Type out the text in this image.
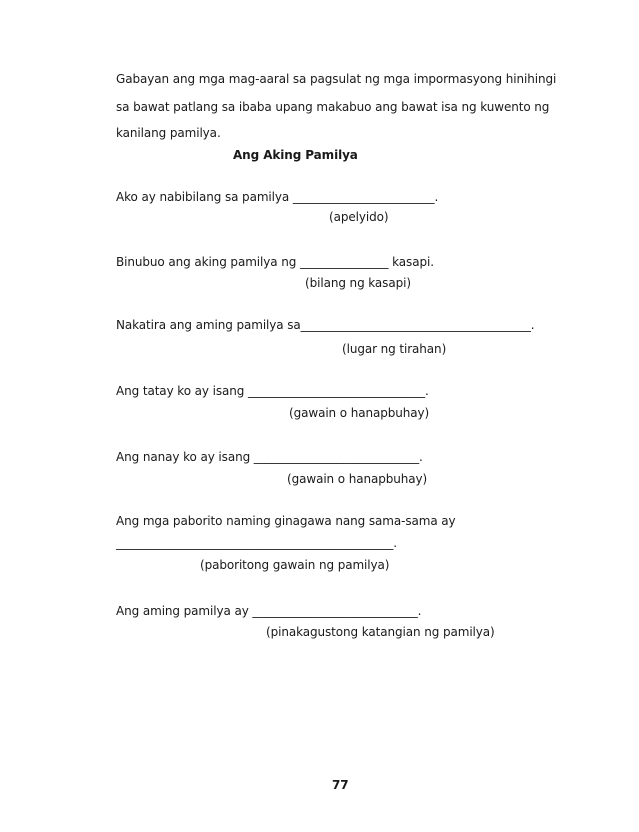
Gabayan ang mga mag-aaral sa pagsulat ng mga impormasyong hinihingi
sa bawat patlang sa ibaba upang makabuo ang bawat isa ng kuwento ng
kanilang pamilya.
Ang Aking Pamilya
Ako ay nabibilang sa pamilya ________________________.
(apelyido)
Binubuo ang aking pamilya ng _______________ kasapi.
(bilang ng kasapi)
Nakatira ang aming pamilya sa_______________________________________.
(lugar ng tirahan)
Ang tatay ko ay isang ______________________________.
(gawain o hanapbuhay)
Ang nanay ko ay isang ____________________________.
(gawain o hanapbuhay)
Ang mga paborito naming ginagawa nang sama-sama ay
_______________________________________________.
(paboritong gawain ng pamilya)
Ang aming pamilya ay ____________________________.
(pinakagustong katangian ng pamilya)
77
